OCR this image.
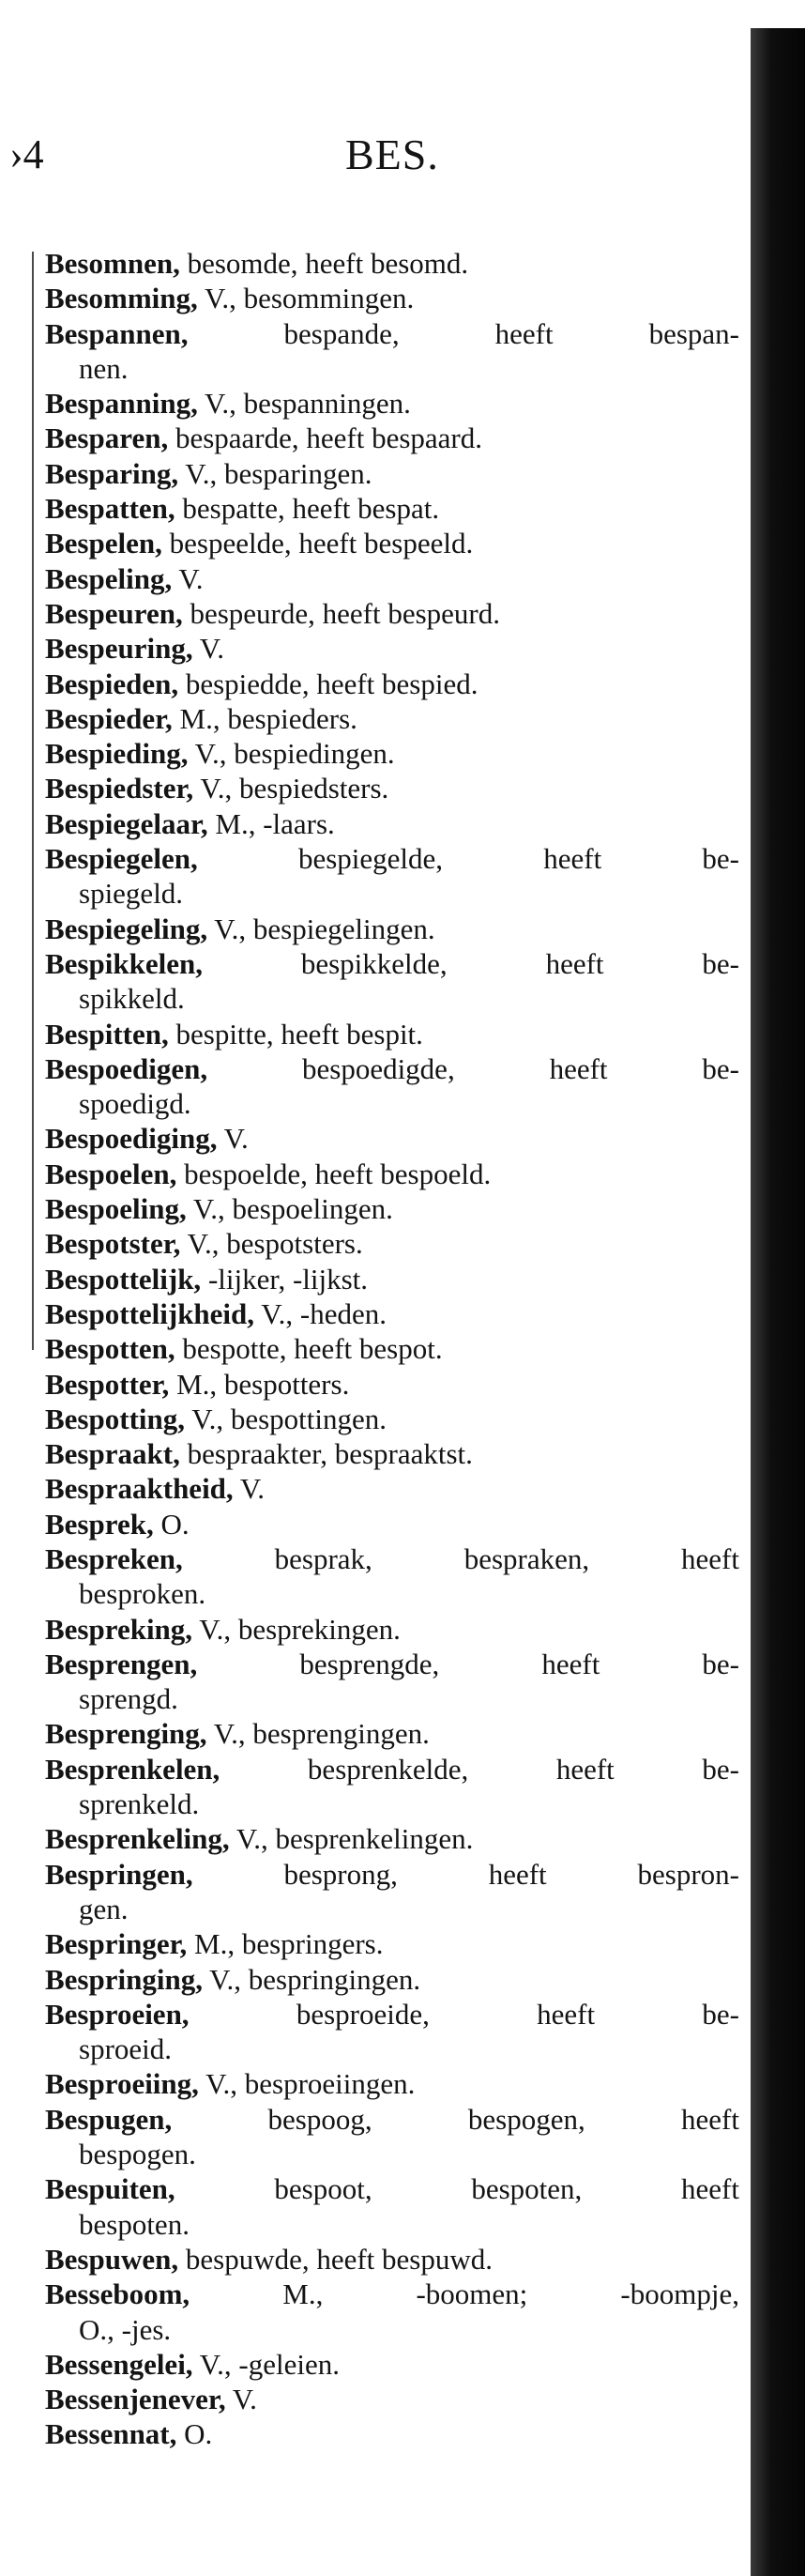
›4	BES.
Besomnen, besomde, heeft besomd.
Besomming, V., besommingen.
Bespannen, bespande, heeft bespan-
nen.
Bespanning, V., bespanningen.
Besparen, bespaarde, heeft bespaard.
Besparing, V., besparingen.
Bespatten, bespatte, heeft bespat.
Bespelen, bespeelde, heeft bespeeld.
Bespeling, V.
Bespeuren, bespeurde, heeft bespeurd.
Bespeuring, V.
Bespieden, bespiedde, heeft bespied.
Bespieder, M., bespieders.
Bespieding, V., bespiedingen.
Bespiedster, V., bespiedsters.
Bespiegelaar, M., -laars.
Bespiegelen, bespiegelde, heeft be-
spiegeld.
Bespiegeling, V., bespiegelingen.
Bespikkelen, bespikkelde, heeft be-
spikkeld.
Bespitten, bespitte, heeft bespit.
Bespoedigen, bespoedigde, heeft be-
spoedigd.
Bespoediging, V.
Bespoelen, bespoelde, heeft bespoeld.
Bespoeling, V., bespoelingen.
Bespotster, V., bespotsters.
Bespottelijk, -lijker, -lijkst.
Bespottelijkheid, V., -heden.
Bespotten, bespotte, heeft bespot.
Bespotter, M., bespotters.
Bespotting, V., bespottingen.
Bespraakt, bespraakter, bespraaktst.
Bespraaktheid, V.
Besprek, O.
Bespreken, besprak, bespraken, heeft
besproken.
Bespreking, V., besprekingen.
Besprengen, besprengde, heeft be-
sprengd.
Besprenging, V., besprengingen.
Besprenkelen, besprenkelde, heeft be-
sprenkeld.
Besprenkeling, V., besprenkelingen.
Bespringen, besprong, heeft bespron-
gen.
Bespringer, M., bespringers.
Bespringing, V., bespringingen.
Besproeien, besproeide, heeft be-
sproeid.
Besproeiing, V., besproeiingen.
Bespugen, bespoog, bespogen, heeft
bespogen.
Bespuiten, bespoot, bespoten, heeft
bespoten.
Bespuwen, bespuwde, heeft bespuwd.
Besseboom, M., -boomen; -boompje,
O., -jes.
Bessengelei, V., -geleien.
Bessenjenever, V.
Bessennat, O.
